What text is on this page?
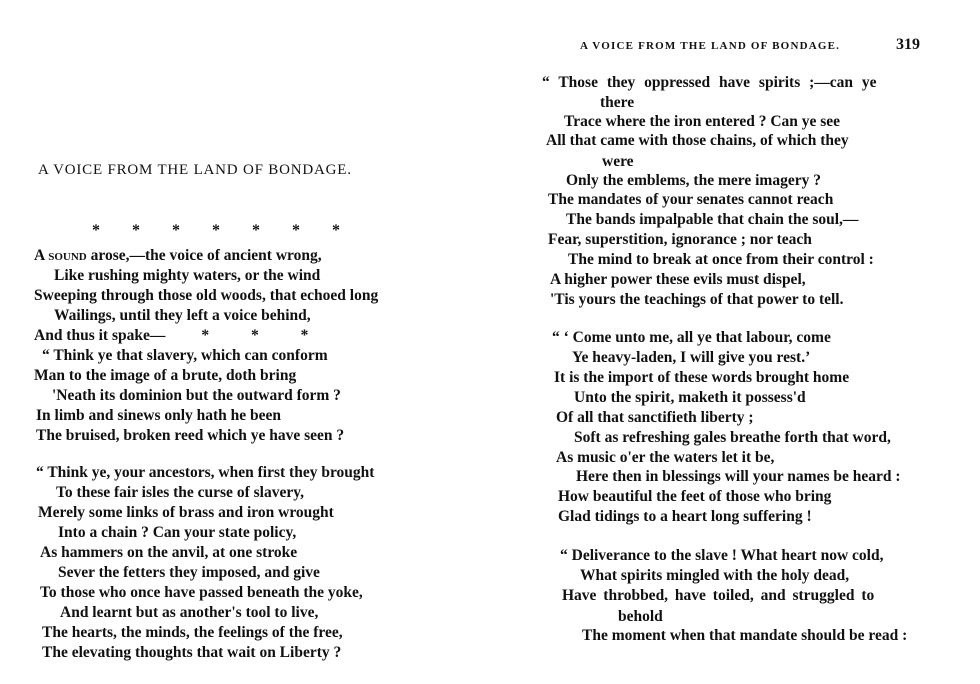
A VOICE FROM THE LAND OF BONDAGE.
* * * * * * *
A sound arose,—the voice of ancient wrong,
Like rushing mighty waters, or the wind
Sweeping through those old woods, that echoed long
Wailings, until they left a voice behind,
And thus it spake— * * *
“ Think ye that slavery, which can conform
Man to the image of a brute, doth bring
'Neath its dominion but the outward form ?
In limb and sinews only hath he been
The bruised, broken reed which ye have seen ?
“ Think ye, your ancestors, when first they brought
To these fair isles the curse of slavery,
Merely some links of brass and iron wrought
Into a chain ? Can your state policy,
As hammers on the anvil, at one stroke
Sever the fetters they imposed, and give
To those who once have passed beneath the yoke,
And learnt but as another's tool to live,
The hearts, the minds, the feelings of the free,
The elevating thoughts that wait on Liberty ?
A VOICE FROM THE LAND OF BONDAGE.	319
“ Those they oppressed have spirits ;—can ye
there
Trace where the iron entered ? Can ye see
All that came with those chains, of which they
were
Only the emblems, the mere imagery ?
The mandates of your senates cannot reach
The bands impalpable that chain the soul,—
Fear, superstition, ignorance ; nor teach
The mind to break at once from their control :
A higher power these evils must dispel,
'Tis yours the teachings of that power to tell.
“ ‘ Come unto me, all ye that labour, come
Ye heavy-laden, I will give you rest.’
It is the import of these words brought home
Unto the spirit, maketh it possess'd
Of all that sanctifieth liberty ;
Soft as refreshing gales breathe forth that word,
As music o'er the waters let it be,
Here then in blessings will your names be heard :
How beautiful the feet of those who bring
Glad tidings to a heart long suffering !
“ Deliverance to the slave ! What heart now cold,
What spirits mingled with the holy dead,
Have throbbed, have toiled, and struggled to
behold
The moment when that mandate should be read :
